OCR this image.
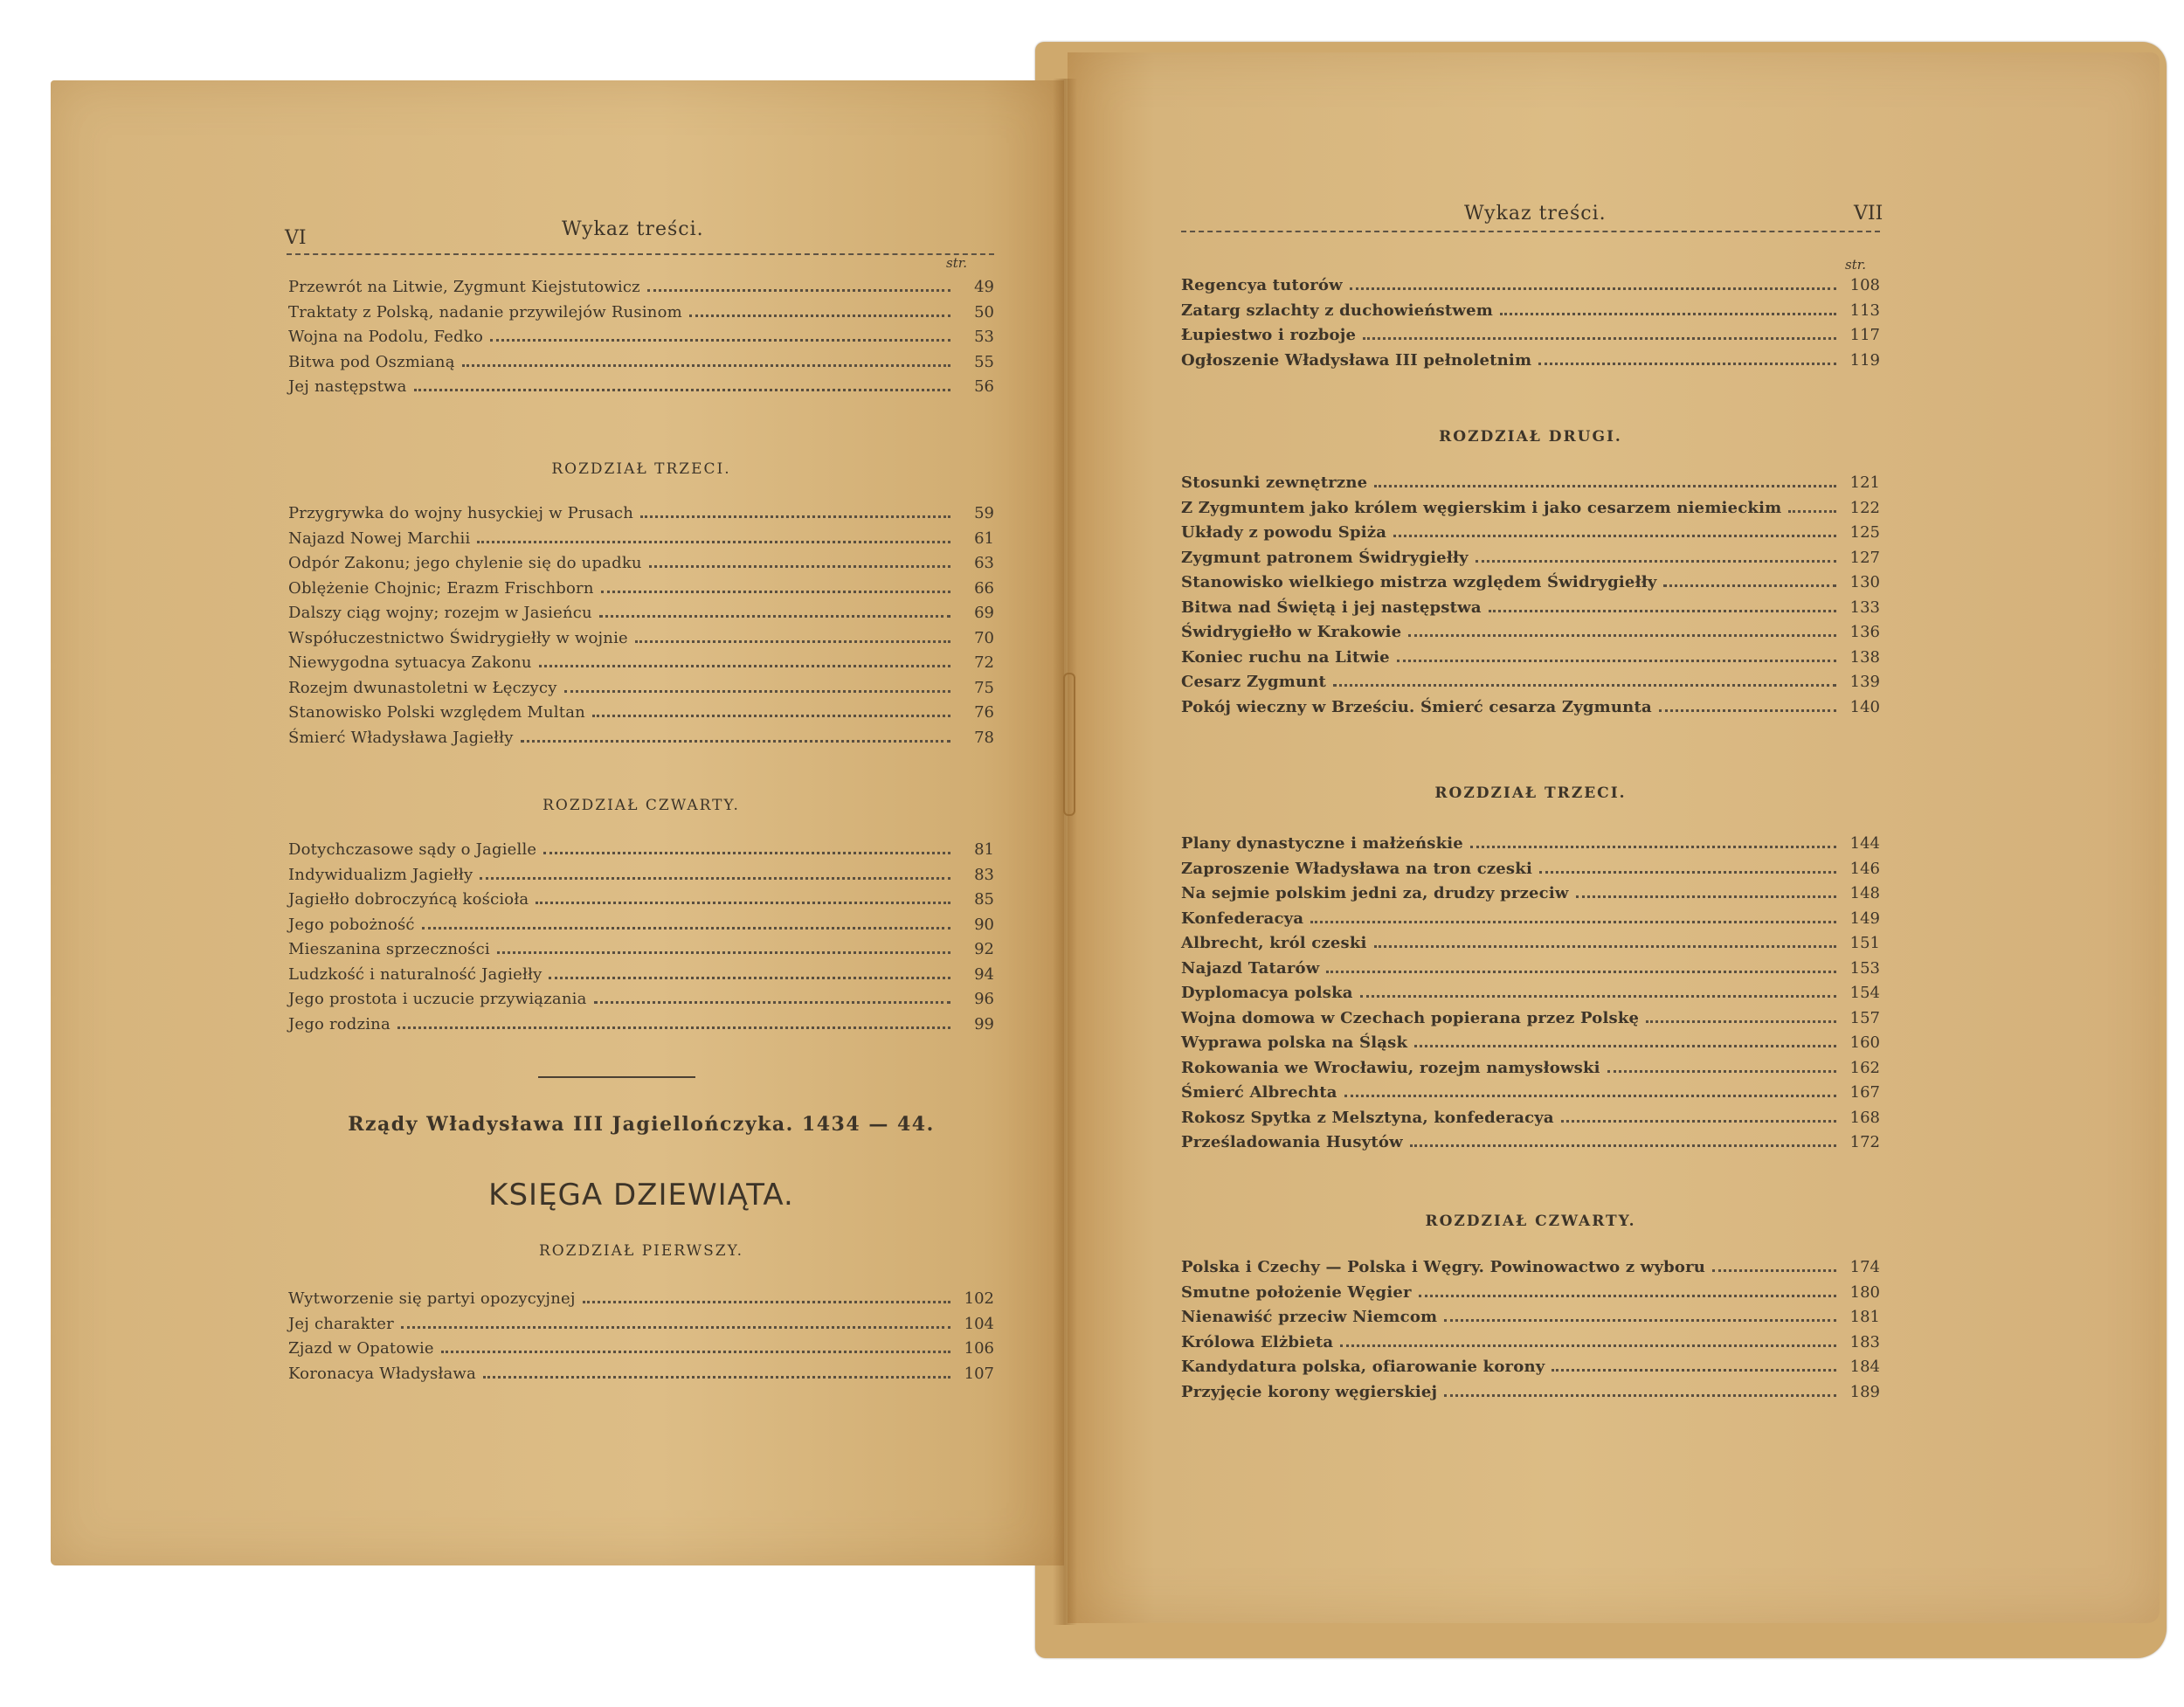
VI	Wykaz treści.
str.
Przewrót na Litwie, Zygmunt Kiejstutowicz	49
Traktaty z Polską, nadanie przywilejów Rusinom	50
Wojna na Podolu, Fedko	53
Bitwa pod Oszmianą	55
Jej następstwa	56
ROZDZIAŁ TRZECI.
Przygrywka do wojny husyckiej w Prusach	59
Najazd Nowej Marchii	61
Odpór Zakonu; jego chylenie się do upadku	63
Oblężenie Chojnic; Erazm Frischborn	66
Dalszy ciąg wojny; rozejm w Jasieńcu	69
Współuczestnictwo Świdrygiełły w wojnie	70
Niewygodna sytuacya Zakonu	72
Rozejm dwunastoletni w Łęczycy	75
Stanowisko Polski względem Multan	76
Śmierć Władysława Jagiełły	78
ROZDZIAŁ CZWARTY.
Dotychczasowe sądy o Jagielle	81
Indywidualizm Jagiełły	83
Jagiełło dobroczyńcą kościoła	85
Jego pobożność	90
Mieszanina sprzeczności	92
Ludzkość i naturalność Jagiełły	94
Jego prostota i uczucie przywiązania	96
Jego rodzina	99
Rządy Władysława III Jagiellończyka. 1434 — 44.
KSIĘGA DZIEWIĄTA.
ROZDZIAŁ PIERWSZY.
Wytworzenie się partyi opozycyjnej	102
Jej charakter	104
Zjazd w Opatowie	106
Koronacya Władysława	107
Wykaz treści.	VII
str.
Regencya tutorów	108
Zatarg szlachty z duchowieństwem	113
Łupiestwo i rozboje	117
Ogłoszenie Władysława III pełnoletnim	119
ROZDZIAŁ DRUGI.
Stosunki zewnętrzne	121
Z Zygmuntem jako królem węgierskim i jako cesarzem niemieckim	122
Układy z powodu Spiża	125
Zygmunt patronem Świdrygiełły	127
Stanowisko wielkiego mistrza względem Świdrygiełły	130
Bitwa nad Świętą i jej następstwa	133
Świdrygiełło w Krakowie	136
Koniec ruchu na Litwie	138
Cesarz Zygmunt	139
Pokój wieczny w Brześciu. Śmierć cesarza Zygmunta	140
ROZDZIAŁ TRZECI.
Plany dynastyczne i małżeńskie	144
Zaproszenie Władysława na tron czeski	146
Na sejmie polskim jedni za, drudzy przeciw	148
Konfederacya	149
Albrecht, król czeski	151
Najazd Tatarów	153
Dyplomacya polska	154
Wojna domowa w Czechach popierana przez Polskę	157
Wyprawa polska na Śląsk	160
Rokowania we Wrocławiu, rozejm namysłowski	162
Śmierć Albrechta	167
Rokosz Spytka z Melsztyna, konfederacya	168
Prześladowania Husytów	172
ROZDZIAŁ CZWARTY.
Polska i Czechy — Polska i Węgry. Powinowactwo z wyboru	174
Smutne położenie Węgier	180
Nienawiść przeciw Niemcom	181
Królowa Elżbieta	183
Kandydatura polska, ofiarowanie korony	184
Przyjęcie korony węgierskiej	189
